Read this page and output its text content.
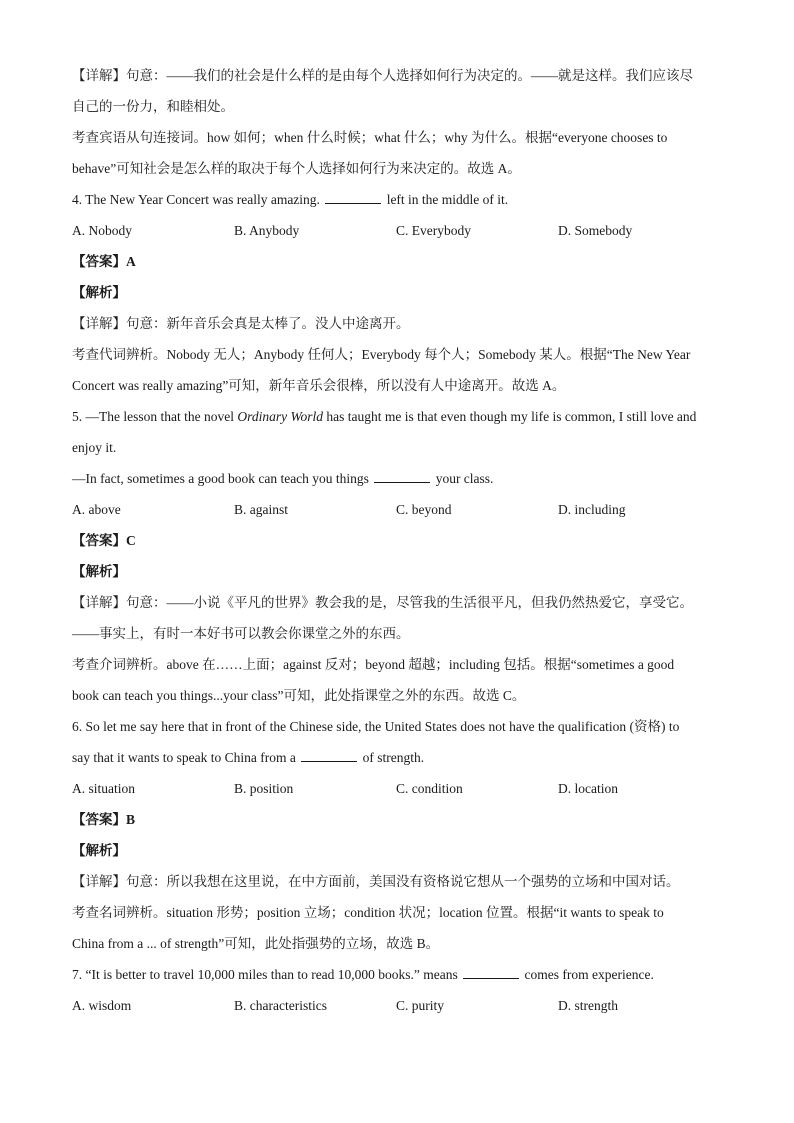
【详解】句意：——我们的社会是什么样的是由每个人选择如何行为决定的。——就是这样。我们应该尽
自己的一份力，和睦相处。
考查宾语从句连接词。how 如何；when 什么时候；what 什么；why 为什么。根据“everyone chooses to
behave”可知社会是怎么样的取决于每个人选择如何行为来决定的。故选 A。
4. The New Year Concert was really amazing.	left in the middle of it.
A. Nobody	B. Anybody	C. Everybody	D. Somebody
【答案】A
【解析】
【详解】句意：新年音乐会真是太棒了。没人中途离开。
考查代词辨析。Nobody 无人；Anybody 任何人；Everybody 每个人；Somebody 某人。根据“The New Year
Concert was really amazing”可知，新年音乐会很棒，所以没有人中途离开。故选 A。
5. —The lesson that the novel Ordinary World has taught me is that even though my life is common, I still love and
enjoy it.
—In fact, sometimes a good book can teach you things	your class.
A. above	B. against	C. beyond	D. including
【答案】C
【解析】
【详解】句意：——小说《平凡的世界》教会我的是，尽管我的生活很平凡，但我仍然热爱它，享受它。
——事实上，有时一本好书可以教会你课堂之外的东西。
考查介词辨析。above 在……上面；against 反对；beyond 超越；including 包括。根据“sometimes a good
book can teach you things...your class”可知，此处指课堂之外的东西。故选 C。
6. So let me say here that in front of the Chinese side, the United States does not have the qualification (资格) to
say that it wants to speak to China from a	of strength.
A. situation	B. position	C. condition	D. location
【答案】B
【解析】
【详解】句意：所以我想在这里说，在中方面前，美国没有资格说它想从一个强势的立场和中国对话。
考查名词辨析。situation 形势；position 立场；condition 状况；location 位置。根据“it wants to speak to
China from a ... of strength”可知，此处指强势的立场，故选 B。
7. “It is better to travel 10,000 miles than to read 10,000 books.” means	comes from experience.
A. wisdom	B. characteristics	C. purity	D. strength
